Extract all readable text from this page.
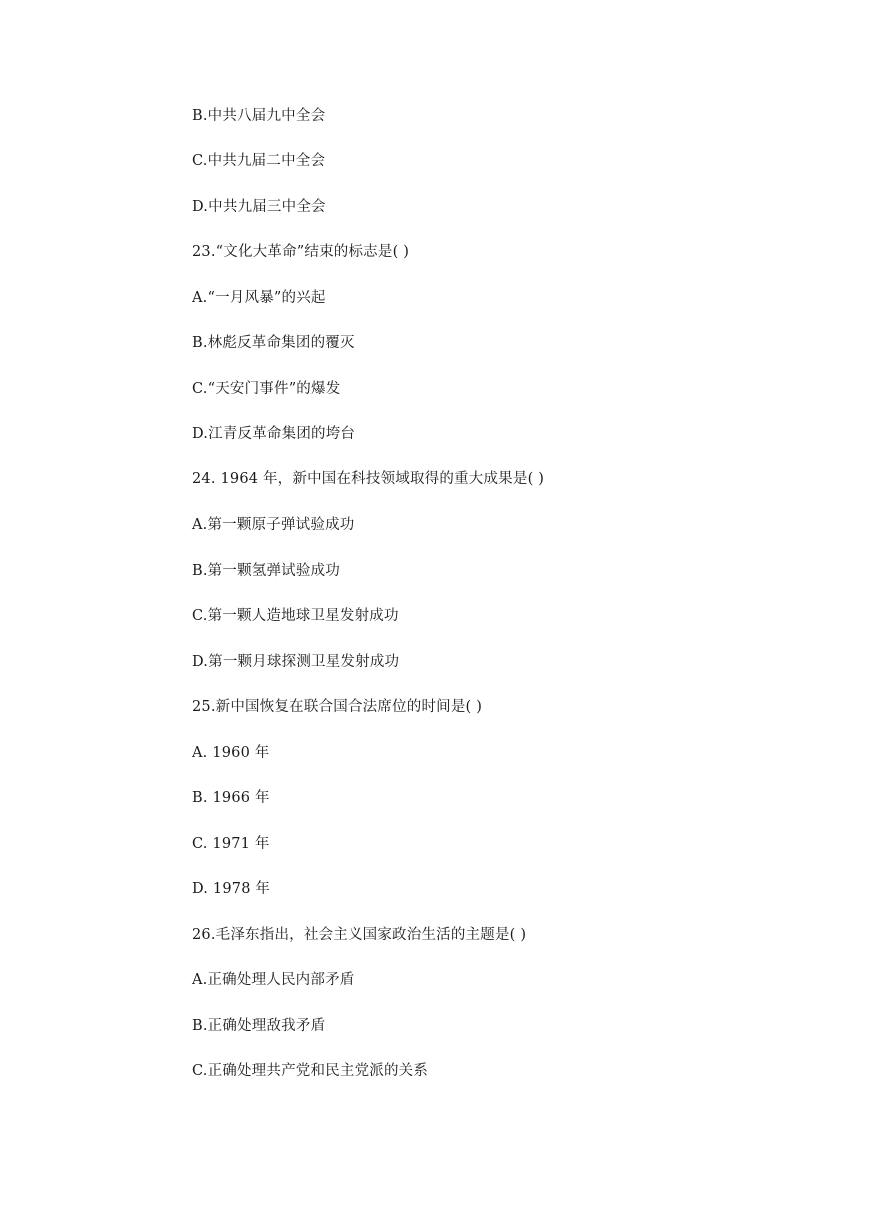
B.中共八届九中全会
C.中共九届二中全会
D.中共九届三中全会
23.“文化大革命”结束的标志是( )
A.“一月风暴”的兴起
B.林彪反革命集团的覆灭
C.“天安门事件”的爆发
D.江青反革命集团的垮台
24. 1964 年，新中国在科技领域取得的重大成果是( )
A.第一颗原子弹试验成功
B.第一颗氢弹试验成功
C.第一颗人造地球卫星发射成功
D.第一颗月球探测卫星发射成功
25.新中国恢复在联合国合法席位的时间是( )
A. 1960 年
B. 1966 年
C. 1971 年
D. 1978 年
26.毛泽东指出，社会主义国家政治生活的主题是( )
A.正确处理人民内部矛盾
B.正确处理敌我矛盾
C.正确处理共产党和民主党派的关系
